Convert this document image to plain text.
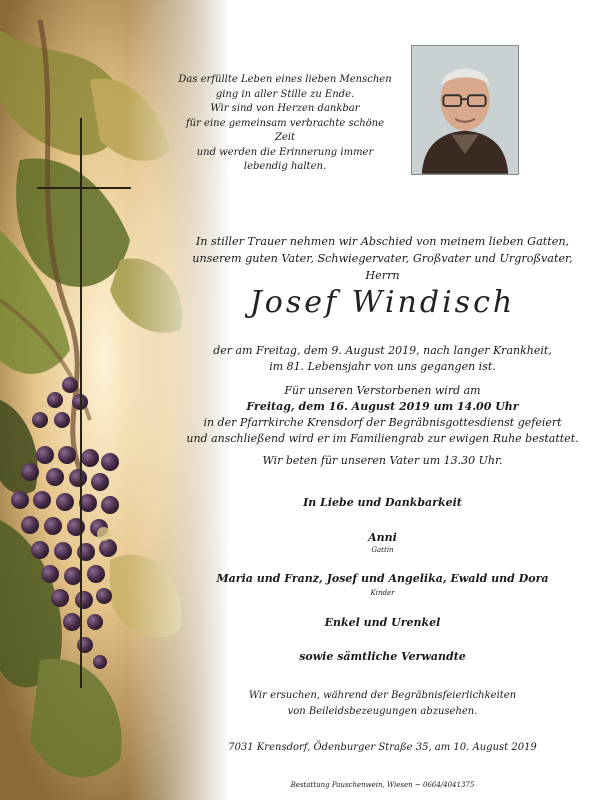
Das erfüllte Leben eines lieben Menschen
ging in aller Stille zu Ende.
Wir sind von Herzen dankbar
für eine gemeinsam verbrachte schöne Zeit
und werden die Erinnerung immer
lebendig halten.
In stiller Trauer nehmen wir Abschied von meinem lieben Gatten,
unserem guten Vater, Schwiegervater, Großvater und Urgroßvater, Herrn
Josef Windisch
der am Freitag, dem 9. August 2019, nach langer Krankheit,
im 81. Lebensjahr von uns gegangen ist.
Für unseren Verstorbenen wird am
Freitag, dem 16. August 2019 um 14.00 Uhr
in der Pfarrkirche Krensdorf der Begräbnisgottesdienst gefeiert
und anschließend wird er im Familiengrab zur ewigen Ruhe bestattet.
Wir beten für unseren Vater um 13.30 Uhr.
In Liebe und Dankbarkeit
Anni
Gattin
Maria und Franz, Josef und Angelika, Ewald und Dora
Kinder
Enkel und Urenkel
sowie sämtliche Verwandte
Wir ersuchen, während der Begräbnisfeierlichkeiten
von Beileidsbezeugungen abzusehen.
7031 Krensdorf, Ödenburger Straße 35, am 10. August 2019
Bestattung Pauschenwein, Wiesen ~ 0664/4041375
